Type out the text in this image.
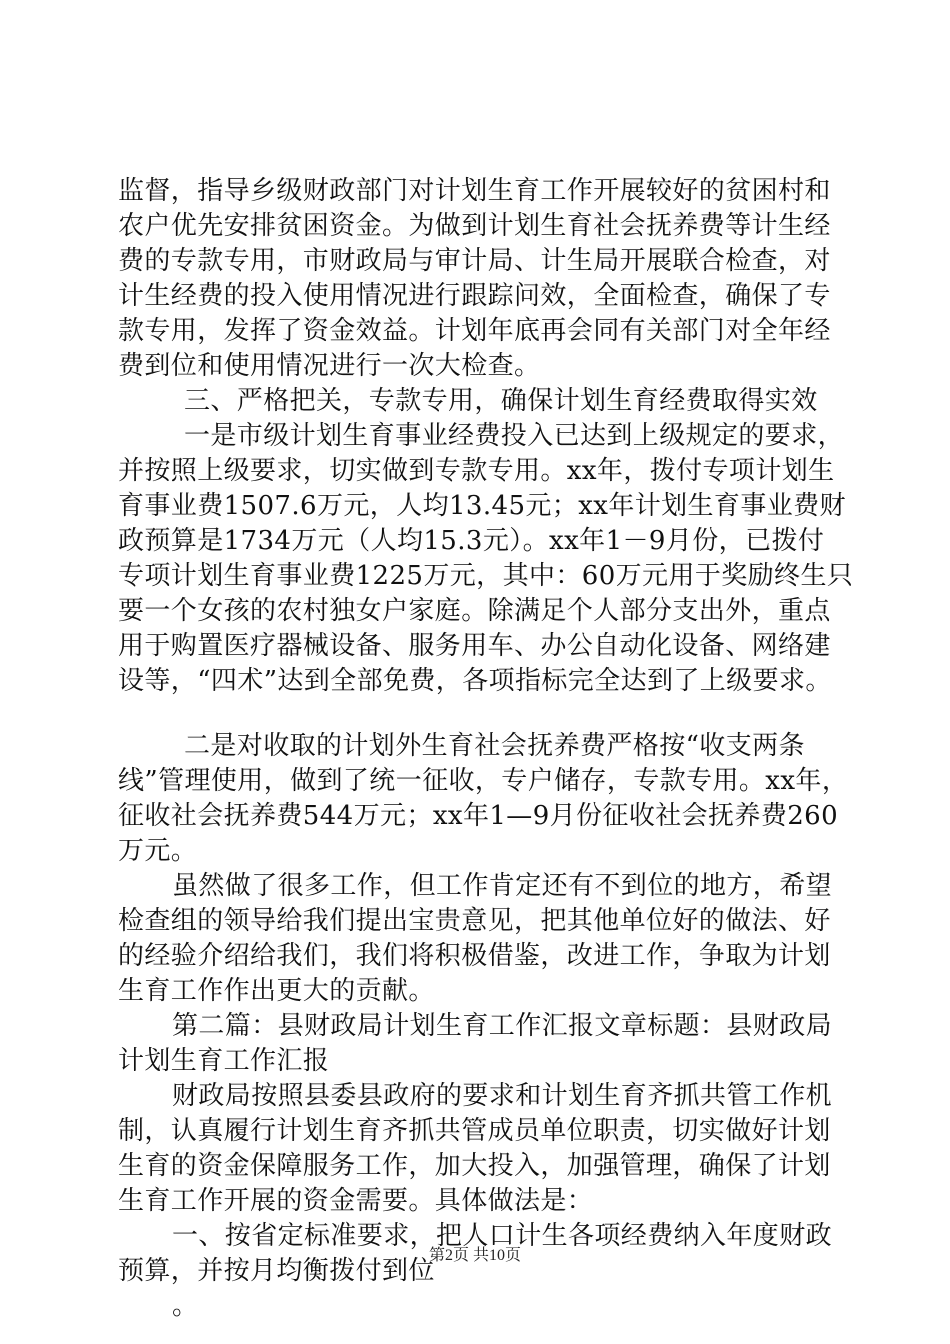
监督，指导乡级财政部门对计划生育工作开展较好的贫困村和
农户优先安排贫困资金。为做到计划生育社会抚养费等计生经
费的专款专用，市财政局与审计局、计生局开展联合检查，对
计生经费的投入使用情况进行跟踪问效，全面检查，确保了专
款专用，发挥了资金效益。计划年底再会同有关部门对全年经
费到位和使用情况进行一次大检查。
三、严格把关，专款专用，确保计划生育经费取得实效
一是市级计划生育事业经费投入已达到上级规定的要求，
并按照上级要求，切实做到专款专用。xx年，拨付专项计划生
育事业费1507.6万元，人均13.45元；xx年计划生育事业费财
政预算是1734万元（人均15.3元）。xx年1－9月份，已拨付
专项计划生育事业费1225万元，其中：60万元用于奖励终生只
要一个女孩的农村独女户家庭。除满足个人部分支出外，重点
用于购置医疗器械设备、服务用车、办公自动化设备、网络建
设等，“四术”达到全部免费，各项指标完全达到了上级要求。
二是对收取的计划外生育社会抚养费严格按“收支两条
线”管理使用，做到了统一征收，专户储存，专款专用。xx年，
征收社会抚养费544万元；xx年1—9月份征收社会抚养费260
万元。
虽然做了很多工作，但工作肯定还有不到位的地方，希望
检查组的领导给我们提出宝贵意见，把其他单位好的做法、好
的经验介绍给我们，我们将积极借鉴，改进工作，争取为计划
生育工作作出更大的贡献。
第二篇：县财政局计划生育工作汇报文章标题：县财政局
计划生育工作汇报
财政局按照县委县政府的要求和计划生育齐抓共管工作机
制，认真履行计划生育齐抓共管成员单位职责，切实做好计划
生育的资金保障服务工作，加大投入，加强管理，确保了计划
生育工作开展的资金需要。具体做法是：
一、按省定标准要求，把人口计生各项经费纳入年度财政
预算，并按月均衡拨付到位
。
第2页 共10页
